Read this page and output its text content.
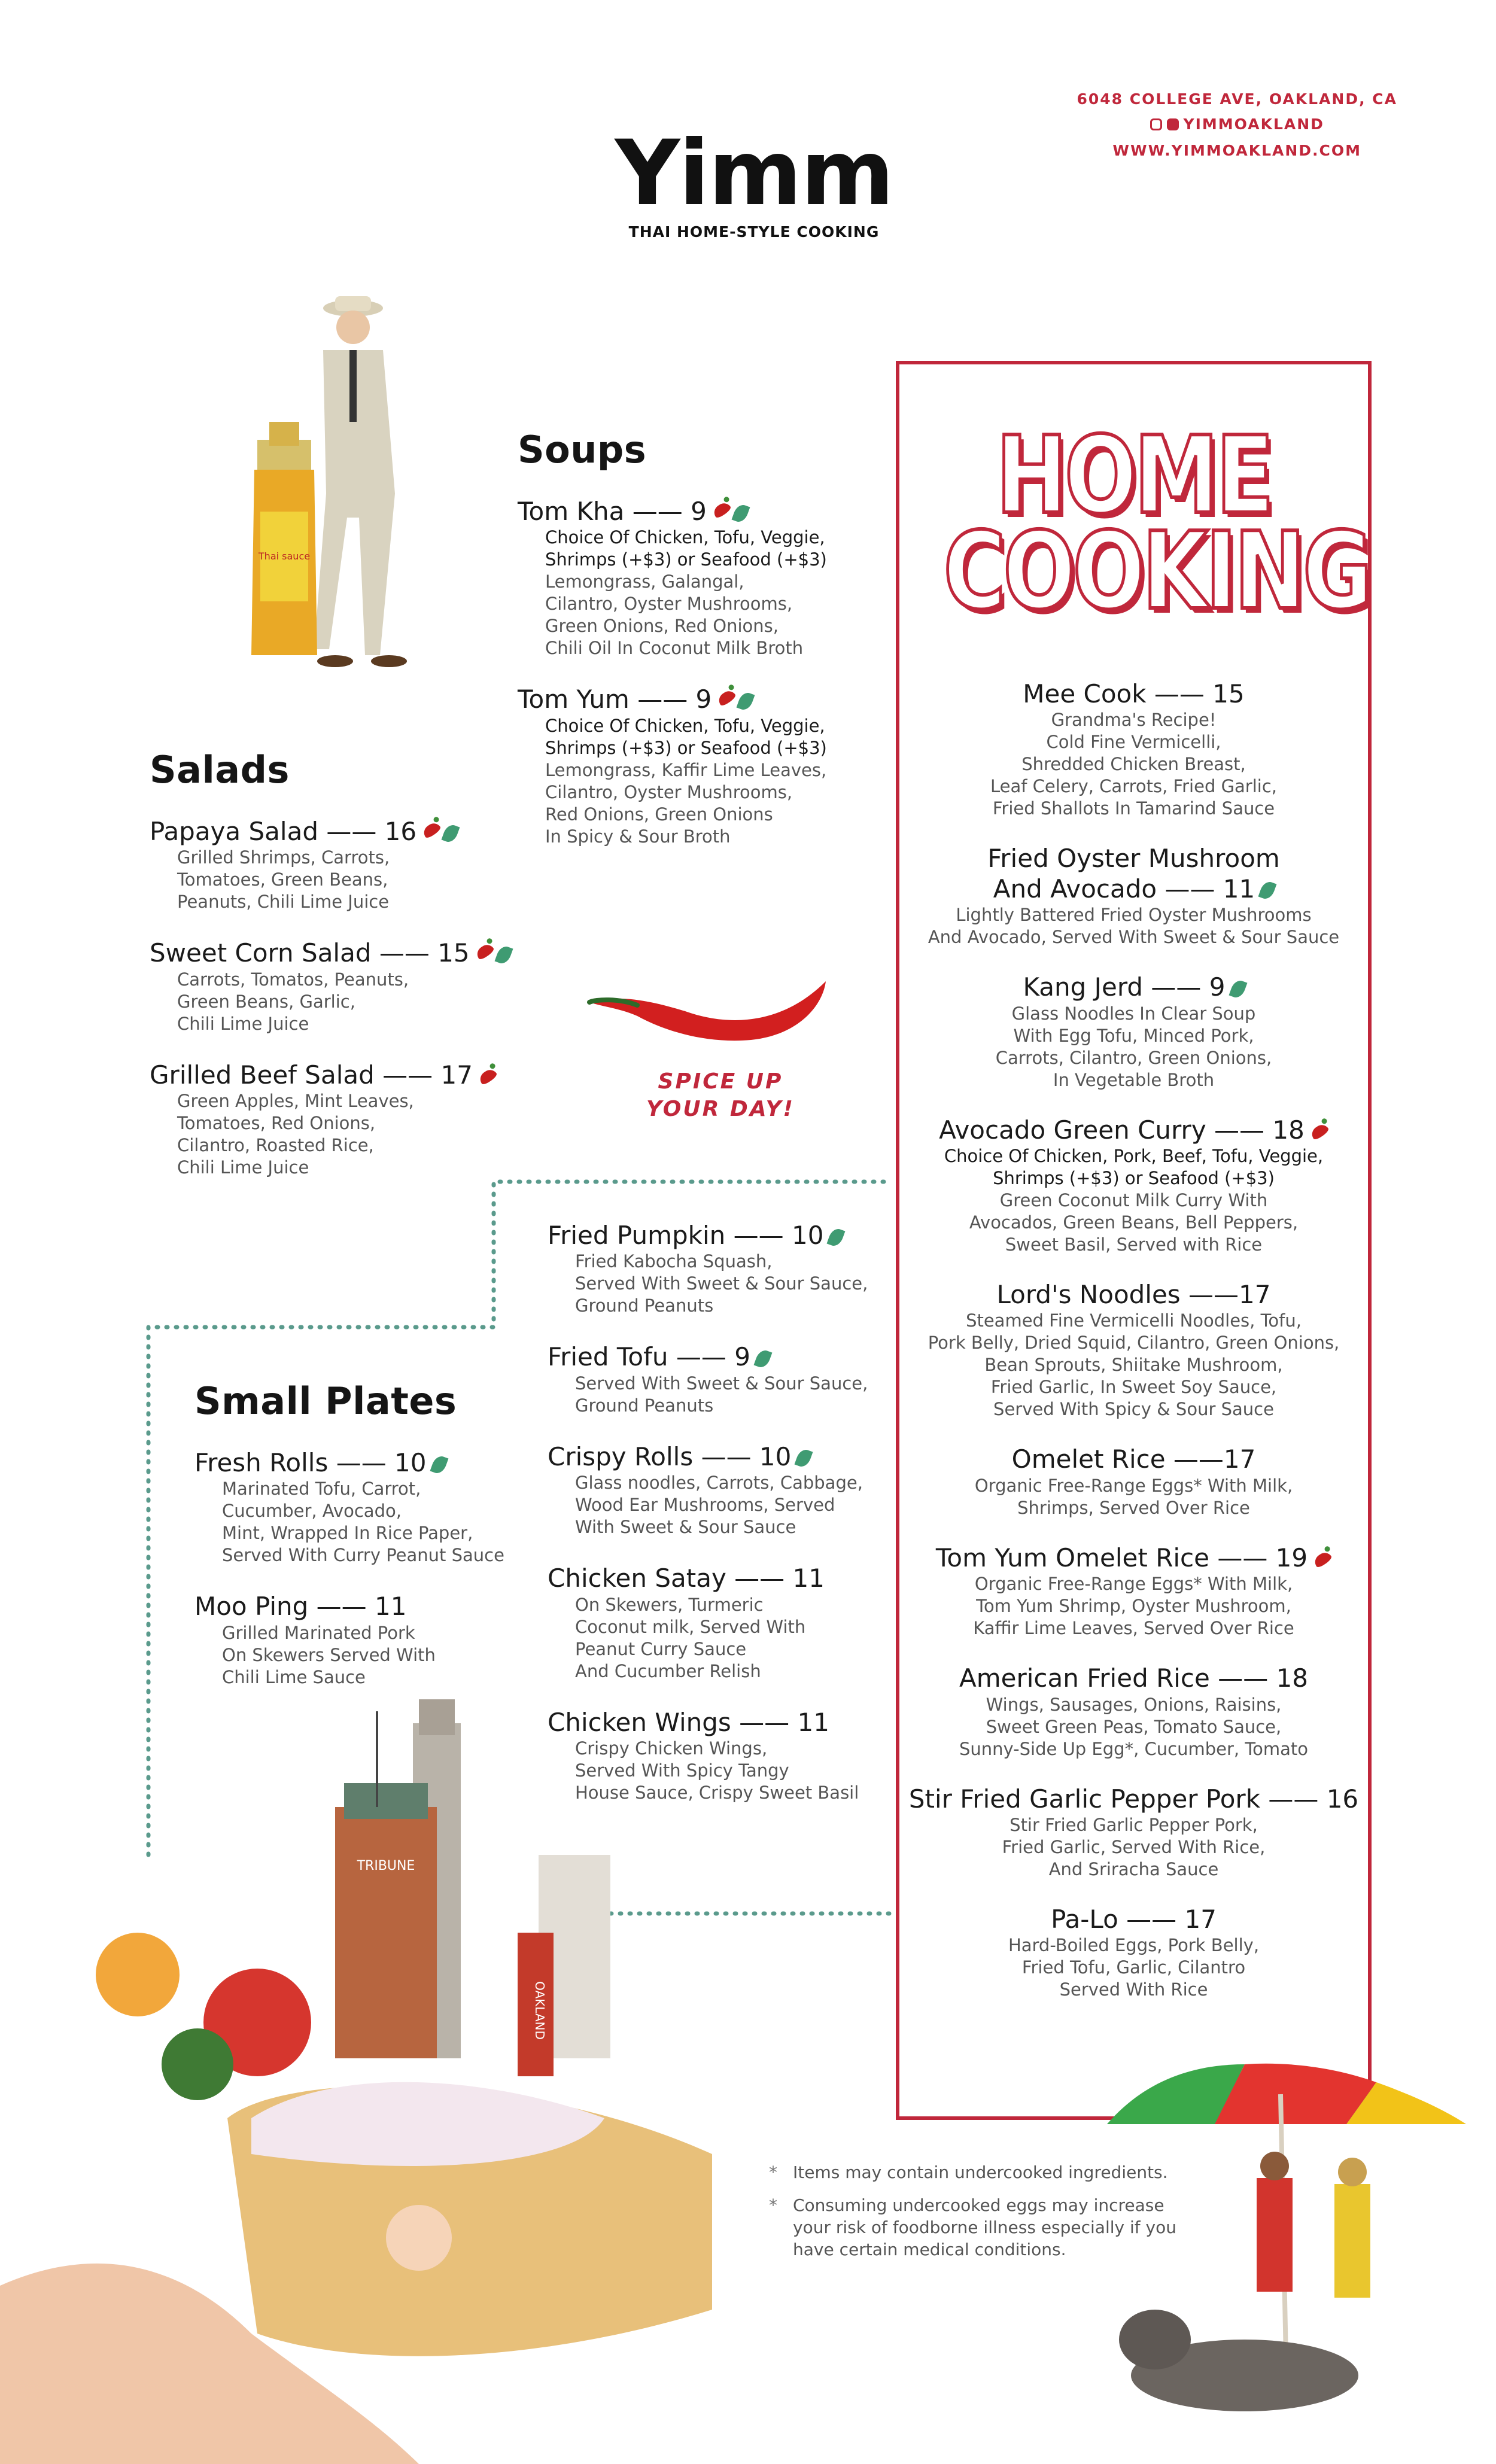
Yimm
THAI HOME-STYLE COOKING
6048 COLLEGE AVE, OAKLAND, CA
YIMMOAKLAND
WWW.YIMMOAKLAND.COM
Thai sauce
Soups
Tom Kha —— 9
Choice Of Chicken, Tofu, Veggie,
Shrimps (+$3) or Seafood (+$3)
Lemongrass, Galangal,
Cilantro, Oyster Mushrooms,
Green Onions, Red Onions,
Chili Oil In Coconut Milk Broth
Tom Yum —— 9
Choice Of Chicken, Tofu, Veggie,
Shrimps (+$3) or Seafood (+$3)
Lemongrass, Kaffir Lime Leaves,
Cilantro, Oyster Mushrooms,
Red Onions, Green Onions
In Spicy & Sour Broth
Salads
Papaya Salad —— 16
Grilled Shrimps, Carrots,
Tomatoes, Green Beans,
Peanuts, Chili Lime Juice
Sweet Corn Salad —— 15
Carrots, Tomatos, Peanuts,
Green Beans, Garlic,
Chili Lime Juice
Grilled Beef Salad —— 17
Green Apples, Mint Leaves,
Tomatoes, Red Onions,
Cilantro, Roasted Rice,
Chili Lime Juice
SPICE UP
YOUR DAY!
Small Plates
Fresh Rolls —— 10
Marinated Tofu, Carrot,
Cucumber, Avocado,
Mint, Wrapped In Rice Paper,
Served With Curry Peanut Sauce
Moo Ping —— 11
Grilled Marinated Pork
On Skewers Served With
Chili Lime Sauce
Fried Pumpkin —— 10
Fried Kabocha Squash,
Served With Sweet & Sour Sauce,
Ground Peanuts
Fried Tofu —— 9
Served With Sweet & Sour Sauce,
Ground Peanuts
Crispy Rolls —— 10
Glass noodles, Carrots, Cabbage,
Wood Ear Mushrooms, Served
With Sweet & Sour Sauce
Chicken Satay —— 11
On Skewers, Turmeric
Coconut milk, Served With
Peanut Curry Sauce
And Cucumber Relish
Chicken Wings —— 11
Crispy Chicken Wings,
Served With Spicy Tangy
House Sauce, Crispy Sweet Basil
HOME
COOKING
Mee Cook —— 15
Grandma's Recipe!
Cold Fine Vermicelli,
Shredded Chicken Breast,
Leaf Celery, Carrots, Fried Garlic,
Fried Shallots In Tamarind Sauce
Fried Oyster Mushroom
And Avocado —— 11
Lightly Battered Fried Oyster Mushrooms
And Avocado, Served With Sweet & Sour Sauce
Kang Jerd —— 9
Glass Noodles In Clear Soup
With Egg Tofu, Minced Pork,
Carrots, Cilantro, Green Onions,
In Vegetable Broth
Avocado Green Curry —— 18
Choice Of Chicken, Pork, Beef, Tofu, Veggie,
Shrimps (+$3) or Seafood (+$3)
Green Coconut Milk Curry With
Avocados, Green Beans, Bell Peppers,
Sweet Basil, Served with Rice
Lord's Noodles ——17
Steamed Fine Vermicelli Noodles, Tofu,
Pork Belly, Dried Squid, Cilantro, Green Onions,
Bean Sprouts, Shiitake Mushroom,
Fried Garlic, In Sweet Soy Sauce,
Served With Spicy & Sour Sauce
Omelet Rice ——17
Organic Free-Range Eggs* With Milk,
Shrimps, Served Over Rice
Tom Yum Omelet Rice —— 19
Organic Free-Range Eggs* With Milk,
Tom Yum Shrimp, Oyster Mushroom,
Kaffir Lime Leaves, Served Over Rice
American Fried Rice —— 18
Wings, Sausages, Onions, Raisins,
Sweet Green Peas, Tomato Sauce,
Sunny-Side Up Egg*, Cucumber, Tomato
Stir Fried Garlic Pepper Pork —— 16
Stir Fried Garlic Pepper Pork,
Fried Garlic, Served With Rice,
And Sriracha Sauce
Pa-Lo —— 17
Hard-Boiled Eggs, Pork Belly,
Fried Tofu, Garlic, Cilantro
Served With Rice
TRIBUNE
OAKLAND
* Items may contain undercooked ingredients.
* Consuming undercooked eggs may increase your risk of foodborne illness especially if you have certain medical conditions.
